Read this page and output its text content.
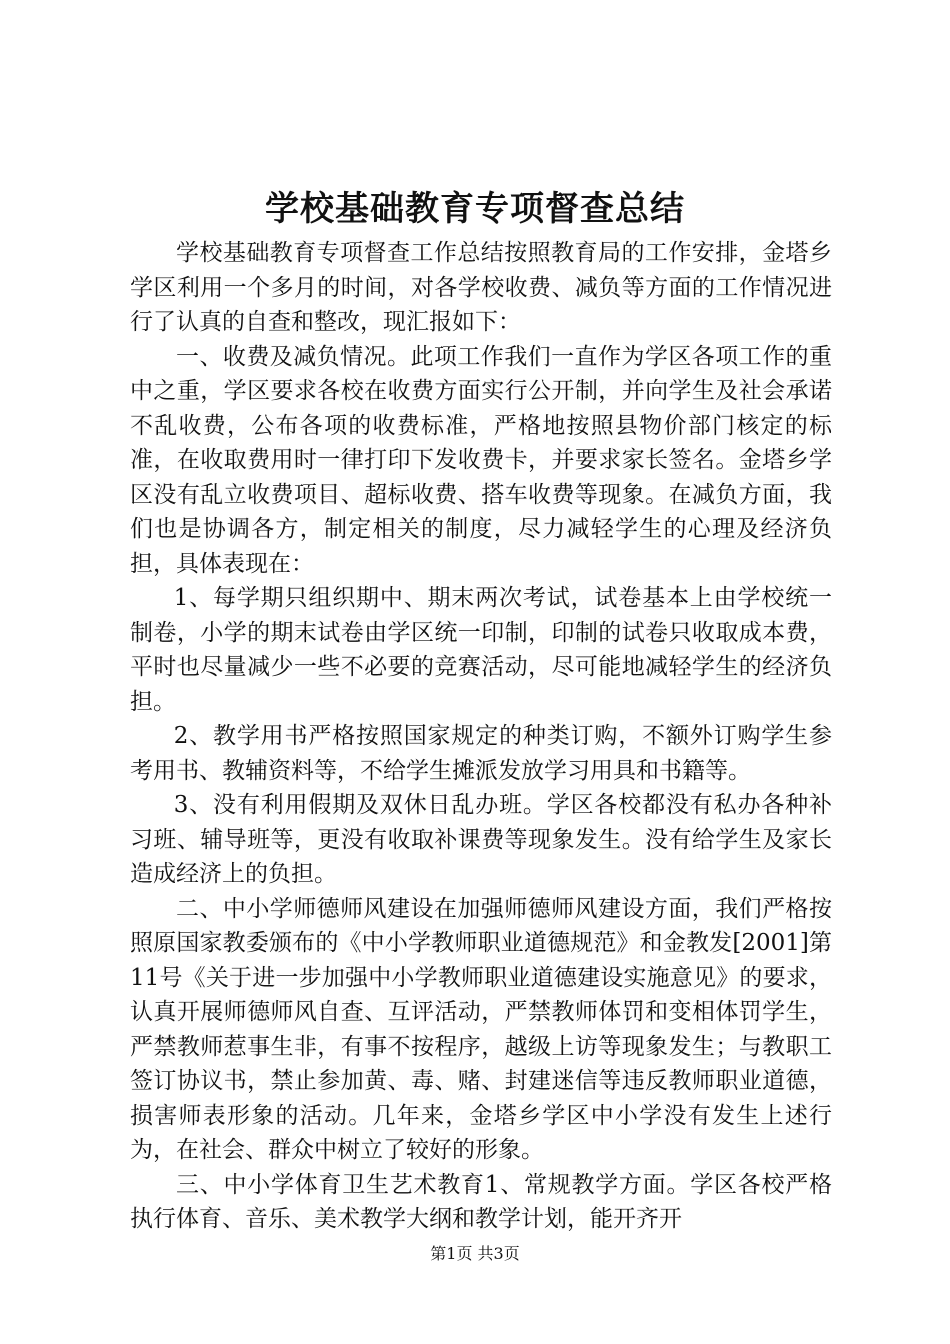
学校基础教育专项督查总结

学校基础教育专项督查工作总结按照教育局的工作安排，金塔乡学区利用一个多月的时间，对各学校收费、减负等方面的工作情况进行了认真的自查和整改，现汇报如下：

一、收费及减负情况。此项工作我们一直作为学区各项工作的重中之重，学区要求各校在收费方面实行公开制，并向学生及社会承诺不乱收费，公布各项的收费标准，严格地按照县物价部门核定的标准，在收取费用时一律打印下发收费卡，并要求家长签名。金塔乡学区没有乱立收费项目、超标收费、搭车收费等现象。在减负方面，我们也是协调各方，制定相关的制度，尽力减轻学生的心理及经济负担，具体表现在：

1、每学期只组织期中、期末两次考试，试卷基本上由学校统一制卷，小学的期末试卷由学区统一印制，印制的试卷只收取成本费，平时也尽量减少一些不必要的竞赛活动，尽可能地减轻学生的经济负担。

2、教学用书严格按照国家规定的种类订购，不额外订购学生参考用书、教辅资料等，不给学生摊派发放学习用具和书籍等。

3、没有利用假期及双休日乱办班。学区各校都没有私办各种补习班、辅导班等，更没有收取补课费等现象发生。没有给学生及家长造成经济上的负担。

二、中小学师德师风建设在加强师德师风建设方面，我们严格按照原国家教委颁布的《中小学教师职业道德规范》和金教发[2001]第11号《关于进一步加强中小学教师职业道德建设实施意见》的要求，认真开展师德师风自查、互评活动，严禁教师体罚和变相体罚学生，严禁教师惹事生非，有事不按程序，越级上访等现象发生；与教职工签订协议书，禁止参加黄、毒、赌、封建迷信等违反教师职业道德，损害师表形象的活动。几年来，金塔乡学区中小学没有发生上述行为，在社会、群众中树立了较好的形象。

三、中小学体育卫生艺术教育1、常规教学方面。学区各校严格执行体育、音乐、美术教学大纲和教学计划，能开齐开

第1页 共3页
